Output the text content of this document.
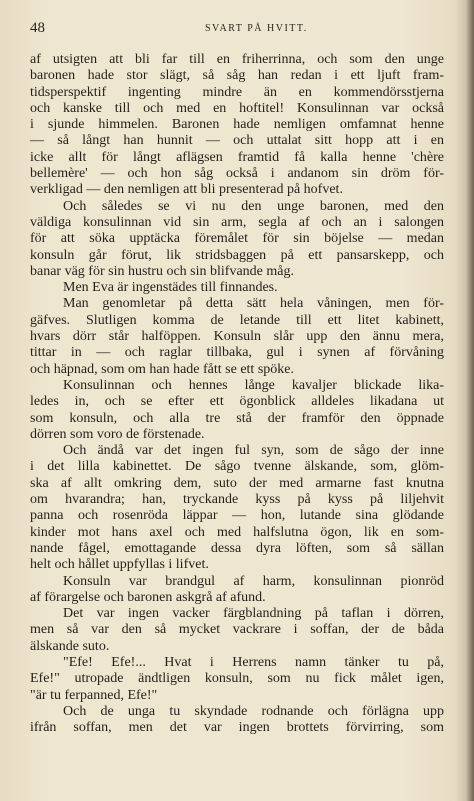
48	SVART PÅ HVITT.
af utsigten att bli far till en friherrinna, och som den unge
baronen hade stor slägt, så såg han redan i ett ljuft fram-
tidsperspektif ingenting mindre än en kommendörsstjerna
och kanske till och med en hoftitel! Konsulinnan var också
i sjunde himmelen. Baronen hade nemligen omfamnat henne
— så långt han hunnit — och uttalat sitt hopp att i en
icke allt för långt aflägsen framtid få kalla henne 'chère
bellemère' — och hon såg också i andanom sin dröm för-
verkligad — den nemligen att bli presenterad på hofvet.
Och således se vi nu den unge baronen, med den
väldiga konsulinnan vid sin arm, segla af och an i salongen
för att söka upptäcka föremålet för sin böjelse — medan
konsuln går förut, lik stridsbaggen på ett pansarskepp, och
banar väg för sin hustru och sin blifvande måg.
Men Eva är ingenstädes till finnandes.
Man genomletar på detta sätt hela våningen, men för-
gäfves. Slutligen komma de letande till ett litet kabinett,
hvars dörr står halföppen. Konsuln slår upp den ännu mera,
tittar in — och raglar tillbaka, gul i synen af förvåning
och häpnad, som om han hade fått se ett spöke.
Konsulinnan och hennes långe kavaljer blickade lika-
ledes in, och se efter ett ögonblick alldeles likadana ut
som konsuln, och alla tre stå der framför den öppnade
dörren som voro de förstenade.
Och ändå var det ingen ful syn, som de sågo der inne
i det lilla kabinettet. De sågo tvenne älskande, som, glöm-
ska af allt omkring dem, suto der med armarne fast knutna
om hvarandra; han, tryckande kyss på kyss på liljehvit
panna och rosenröda läppar — hon, lutande sina glödande
kinder mot hans axel och med halfslutna ögon, lik en som-
nande fågel, emottagande dessa dyra löften, som så sällan
helt och hållet uppfyllas i lifvet.
Konsuln var brandgul af harm, konsulinnan pionröd
af förargelse och baronen askgrå af afund.
Det var ingen vacker färgblandning på taflan i dörren,
men så var den så mycket vackrare i soffan, der de båda
älskande suto.
"Efe! Efe!... Hvat i Herrens namn tänker tu på,
Efe!" utropade ändtligen konsuln, som nu fick målet igen,
"är tu ferpanned, Efe!"
Och de unga tu skyndade rodnande och förlägna upp
ifrån soffan, men det var ingen brottets förvirring, som
